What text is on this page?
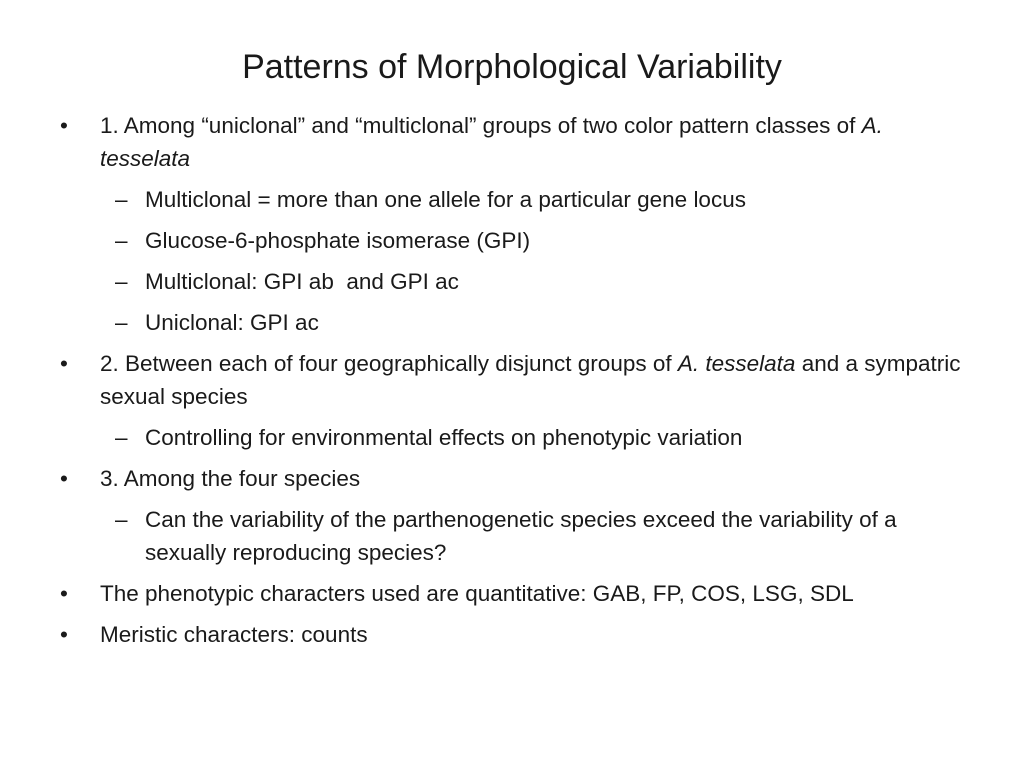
Patterns of Morphological Variability
•	1. Among “uniclonal” and “multiclonal” groups of two color pattern classes of A. tesselata
– Multiclonal = more than one allele for a particular gene locus
– Glucose-6-phosphate isomerase (GPI)
– Multiclonal: GPI ab  and GPI ac
– Uniclonal: GPI ac
•	2. Between each of four geographically disjunct groups of A. tesselata and a sympatric sexual species
– Controlling for environmental effects on phenotypic variation
•	3. Among the four species
– Can the variability of the parthenogenetic species exceed the variability of a sexually reproducing species?
•	The phenotypic characters used are quantitative: GAB, FP, COS, LSG, SDL
•	Meristic characters: counts
